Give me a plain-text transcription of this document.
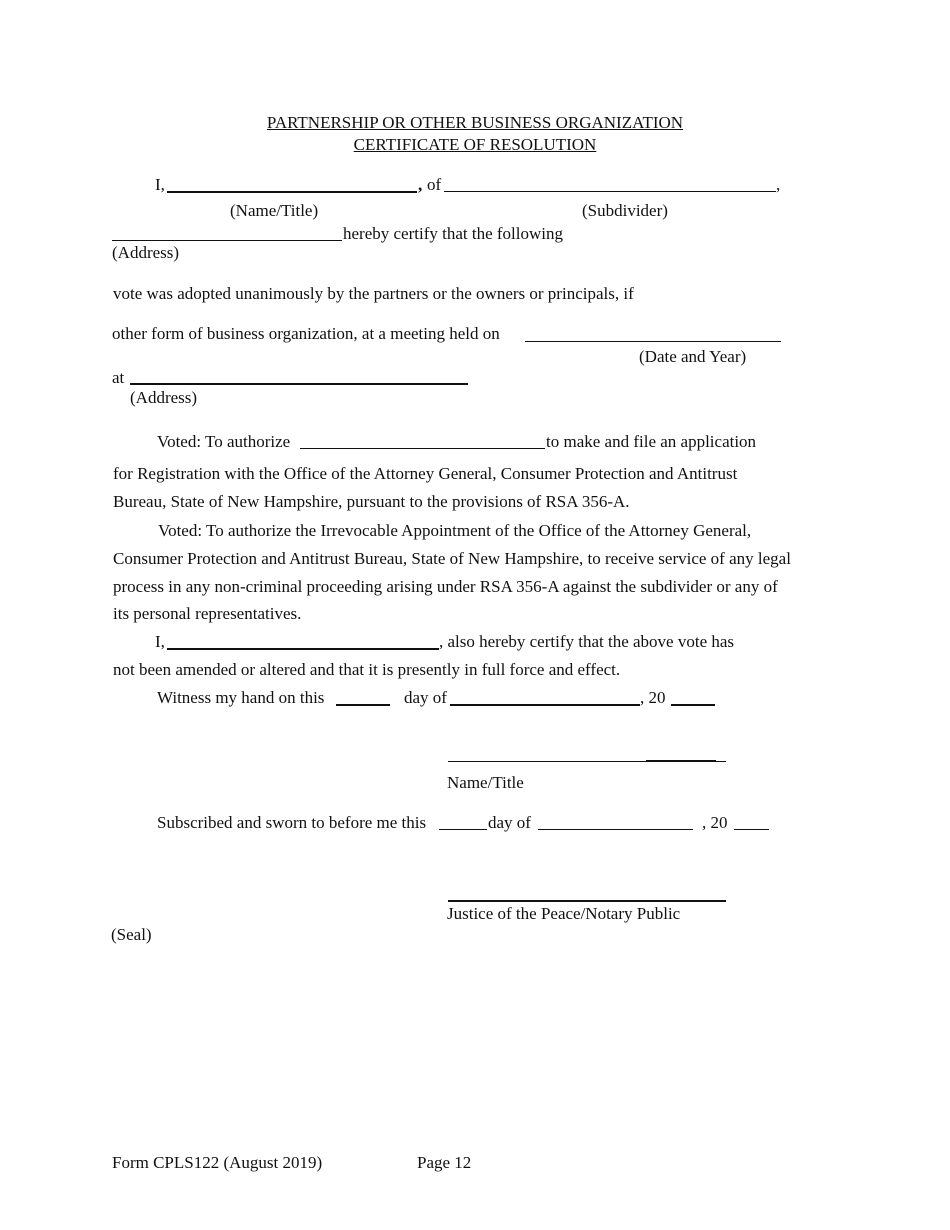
PARTNERSHIP OR OTHER BUSINESS ORGANIZATION
CERTIFICATE OF RESOLUTION
I,	, of	,
(Name/Title)	(Subdivider)
hereby certify that the following
(Address)
vote was adopted unanimously by the partners or the owners or principals, if
other form of business organization, at a meeting held on
(Date and Year)
at
(Address)
Voted: To authorize	to make and file an application
for Registration with the Office of the Attorney General, Consumer Protection and Antitrust
Bureau, State of New Hampshire, pursuant to the provisions of RSA 356-A.
Voted: To authorize the Irrevocable Appointment of the Office of the Attorney General,
Consumer Protection and Antitrust Bureau, State of New Hampshire, to receive service of any legal
process in any non-criminal proceeding arising under RSA 356-A against the subdivider or any of
its personal representatives.
I,	, also hereby certify that the above vote has
not been amended or altered and that it is presently in full force and effect.
Witness my hand on this	day of	, 20
Name/Title
Subscribed and sworn to before me this	day of	, 20
Justice of the Peace/Notary Public
(Seal)
Form CPLS122 (August 2019)	Page 12
